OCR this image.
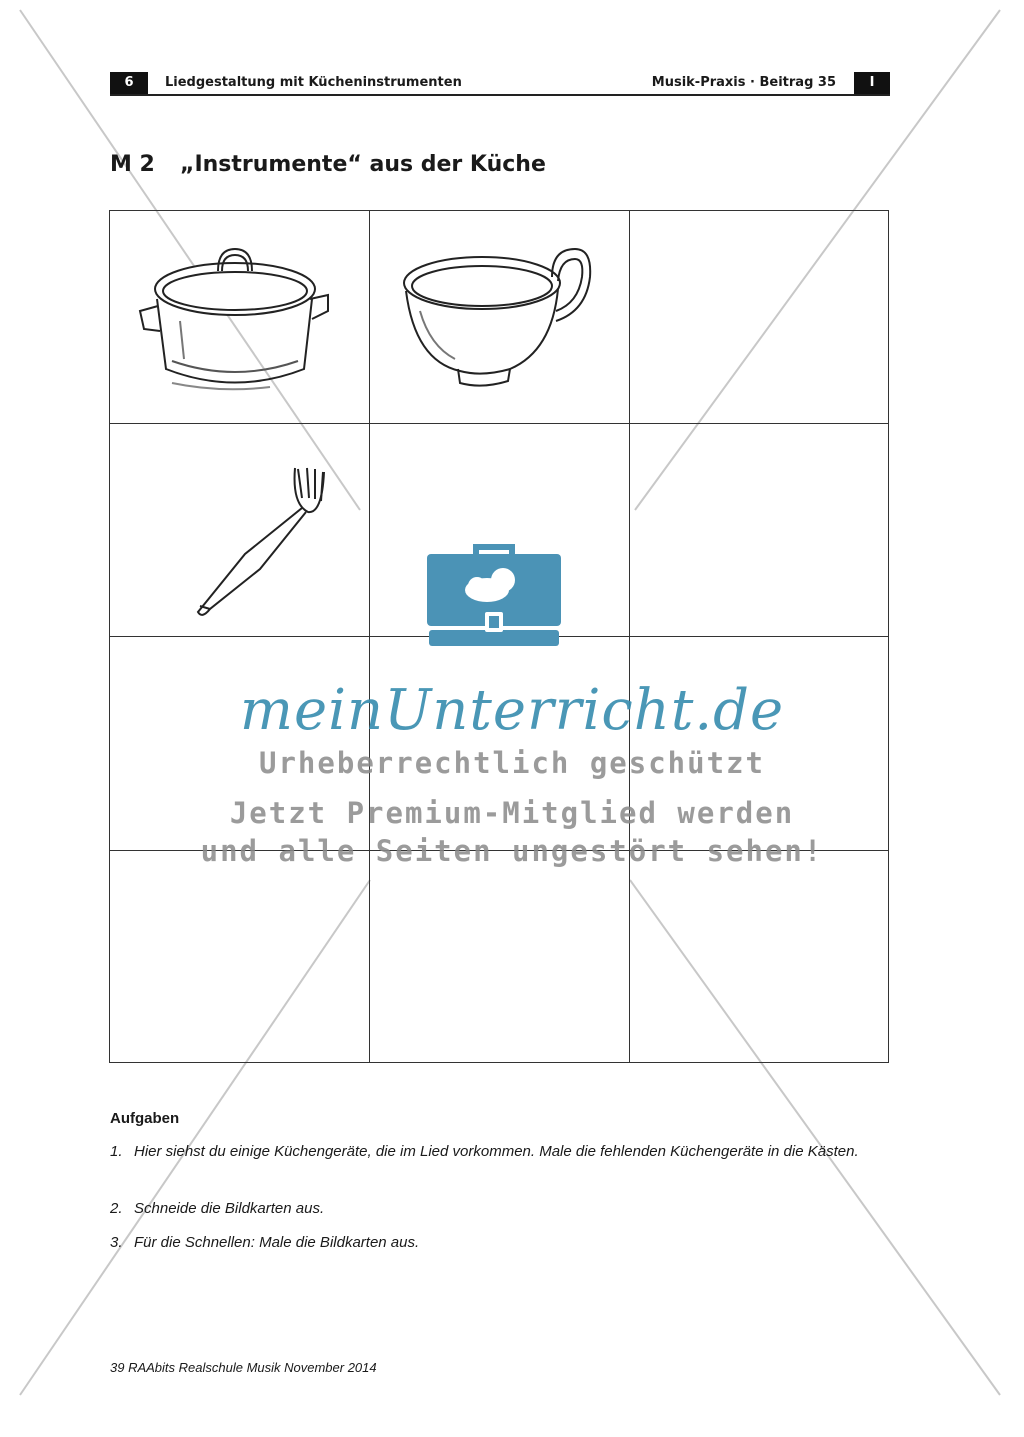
6	Liedgestaltung mit Kücheninstrumenten	Musik-Praxis · Beitrag 35	I
M 2 „Instrumente“ aus der Küche
meinUnterricht.de
Urheberrechtlich geschützt
Jetzt Premium-Mitglied werden
und alle Seiten ungestört sehen!
Aufgaben
1. Hier siehst du einige Küchengeräte, die im Lied vorkommen. Male die fehlenden Küchengeräte in die Kästen.
2. Schneide die Bildkarten aus.
3. Für die Schnellen: Male die Bildkarten aus.
39 RAAbits Realschule Musik November 2014
